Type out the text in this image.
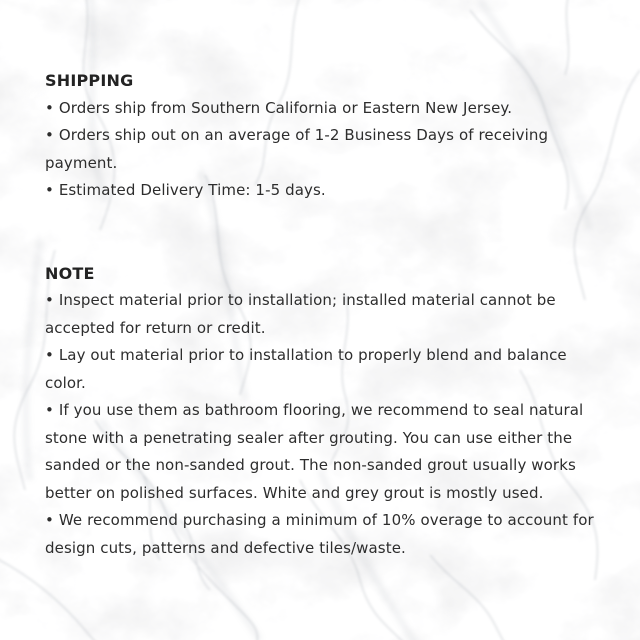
SHIPPING
• Orders ship from Southern California or Eastern New Jersey.
• Orders ship out on an average of 1-2 Business Days of receiving
payment.
• Estimated Delivery Time: 1-5 days.
NOTE
• Inspect material prior to installation; installed material cannot be
accepted for return or credit.
• Lay out material prior to installation to properly blend and balance
color.
• If you use them as bathroom flooring, we recommend to seal natural
stone with a penetrating sealer after grouting. You can use either the
sanded or the non-sanded grout. The non-sanded grout usually works
better on polished surfaces. White and grey grout is mostly used.
• We recommend purchasing a minimum of 10% overage to account for
design cuts, patterns and defective tiles/waste.
